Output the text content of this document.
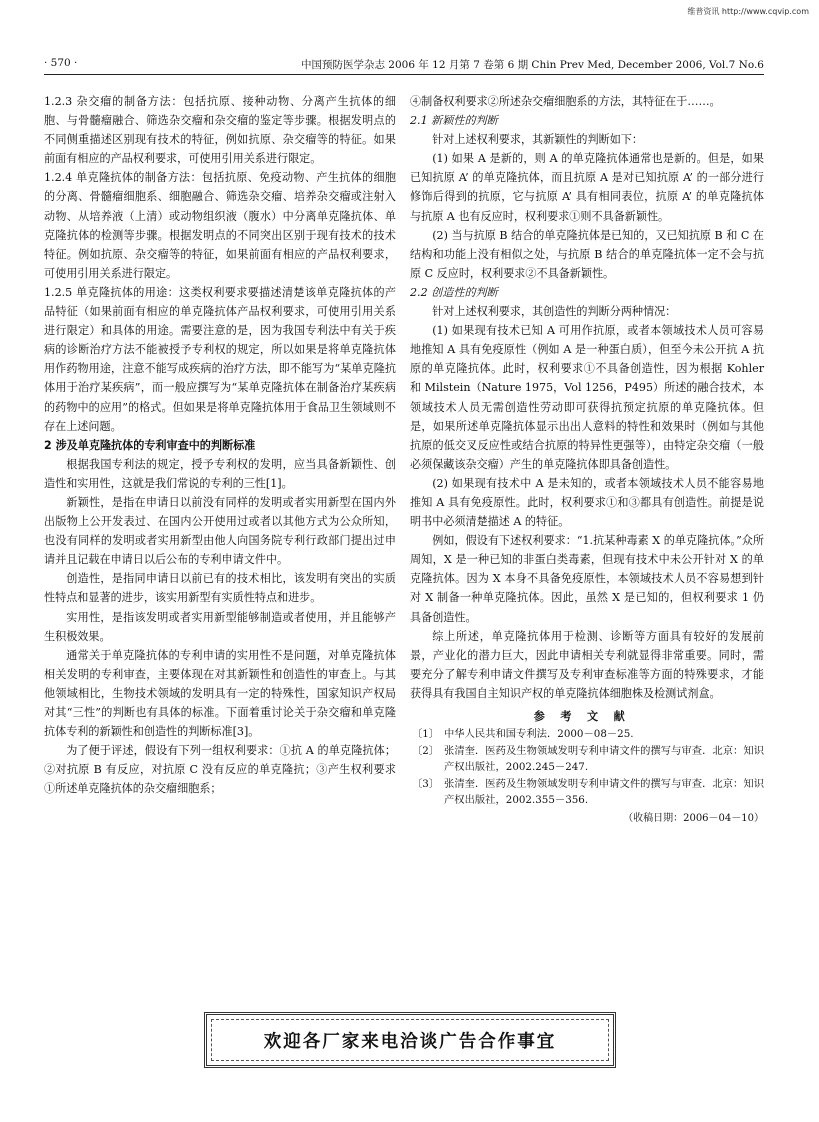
维普资讯 http://www.cqvip.com
· 570 ·	中国预防医学杂志 2006 年 12 月第 7 卷第 6 期 Chin Prev Med, December 2006, Vol.7 No.6

1.2.3 杂交瘤的制备方法：包括抗原、接种动物、分离产生抗体的细胞、与骨髓瘤融合、筛选杂交瘤和杂交瘤的鉴定等步骤。根据发明点的不同侧重描述区别现有技术的特征，例如抗原、杂交瘤等的特征。如果前面有相应的产品权利要求，可使用引用关系进行限定。

1.2.4 单克隆抗体的制备方法：包括抗原、免疫动物、产生抗体的细胞的分离、骨髓瘤细胞系、细胞融合、筛选杂交瘤、培养杂交瘤或注射入动物、从培养液（上清）或动物组织液（腹水）中分离单克隆抗体、单克隆抗体的检测等步骤。根据发明点的不同突出区别于现有技术的技术特征。例如抗原、杂交瘤等的特征，如果前面有相应的产品权利要求，可使用引用关系进行限定。

1.2.5 单克隆抗体的用途：这类权利要求要描述清楚该单克隆抗体的产品特征（如果前面有相应的单克隆抗体产品权利要求，可使用引用关系进行限定）和具体的用途。需要注意的是，因为我国专利法中有关于疾病的诊断治疗方法不能被授予专利权的规定，所以如果是将单克隆抗体用作药物用途，注意不能写成疾病的治疗方法，即不能写为“某单克隆抗体用于治疗某疾病”，而一般应撰写为“某单克隆抗体在制备治疗某疾病的药物中的应用”的格式。但如果是将单克隆抗体用于食品卫生领域则不存在上述问题。

2 涉及单克隆抗体的专利审查中的判断标准

根据我国专利法的规定，授予专利权的发明，应当具备新颖性、创造性和实用性，这就是我们常说的专利的三性[1]。

新颖性，是指在申请日以前没有同样的发明或者实用新型在国内外出版物上公开发表过、在国内公开使用过或者以其他方式为公众所知，也没有同样的发明或者实用新型由他人向国务院专利行政部门提出过申请并且记载在申请日以后公布的专利申请文件中。

创造性，是指同申请日以前已有的技术相比，该发明有突出的实质性特点和显著的进步，该实用新型有实质性特点和进步。

实用性，是指该发明或者实用新型能够制造或者使用，并且能够产生积极效果。

通常关于单克隆抗体的专利申请的实用性不是问题，对单克隆抗体相关发明的专利审查，主要体现在对其新颖性和创造性的审查上。与其他领域相比，生物技术领域的发明具有一定的特殊性，国家知识产权局对其“三性”的判断也有具体的标准。下面着重讨论关于杂交瘤和单克隆抗体专利的新颖性和创造性的判断标准[3]。

为了便于评述，假设有下列一组权利要求：①抗 A 的单克隆抗体；②对抗原 B 有反应，对抗原 C 没有反应的单克隆抗；③产生权利要求①所述单克隆抗体的杂交瘤细胞系；

④制备权利要求②所述杂交瘤细胞系的方法，其特征在于……。

2.1 新颖性的判断

针对上述权利要求，其新颖性的判断如下：

(1) 如果 A 是新的，则 A 的单克隆抗体通常也是新的。但是，如果已知抗原 A’ 的单克隆抗体，而且抗原 A 是对已知抗原 A’ 的一部分进行修饰后得到的抗原，它与抗原 A’ 具有相同表位，抗原 A’ 的单克隆抗体与抗原 A 也有反应时，权利要求①则不具备新颖性。

(2) 当与抗原 B 结合的单克隆抗体是已知的，又已知抗原 B 和 C 在结构和功能上没有相似之处，与抗原 B 结合的单克隆抗体一定不会与抗原 C 反应时，权利要求②不具备新颖性。

2.2 创造性的判断

针对上述权利要求，其创造性的判断分两种情况：

(1) 如果现有技术已知 A 可用作抗原，或者本领域技术人员可容易地推知 A 具有免疫原性（例如 A 是一种蛋白质），但至今未公开抗 A 抗原的单克隆抗体。此时，权利要求①不具备创造性，因为根据 Kohler 和 Milstein（Nature 1975，Vol 1256，P495）所述的融合技术，本领域技术人员无需创造性劳动即可获得抗预定抗原的单克隆抗体。但是，如果所述单克隆抗体显示出出人意料的特性和效果时（例如与其他抗原的低交叉反应性或结合抗原的特异性更强等），由特定杂交瘤（一般必须保藏该杂交瘤）产生的单克隆抗体即具备创造性。

(2) 如果现有技术中 A 是未知的，或者本领域技术人员不能容易地推知 A 具有免疫原性。此时，权利要求①和③都具有创造性。前提是说明书中必须清楚描述 A 的特征。

例如，假设有下述权利要求：“1.抗某种毒素 X 的单克隆抗体。”众所周知，X 是一种已知的非蛋白类毒素，但现有技术中未公开针对 X 的单克隆抗体。因为 X 本身不具备免疫原性，本领域技术人员不容易想到针对 X 制备一种单克隆抗体。因此，虽然 X 是已知的，但权利要求 1 仍具备创造性。

综上所述，单克隆抗体用于检测、诊断等方面具有较好的发展前景，产业化的潜力巨大，因此申请相关专利就显得非常重要。同时，需要充分了解专利申请文件撰写及专利审查标准等方面的特殊要求，才能获得具有我国自主知识产权的单克隆抗体细胞株及检测试剂盒。

参考文献

〔1〕 中华人民共和国专利法．2000－08－25.

〔2〕 张清奎．医药及生物领域发明专利申请文件的撰写与审查．北京：知识产权出版社，2002.245－247.

〔3〕 张清奎．医药及生物领域发明专利申请文件的撰写与审查．北京：知识产权出版社，2002.355－356.

（收稿日期：2006－04－10）

欢迎各厂家来电洽谈广告合作事宜
